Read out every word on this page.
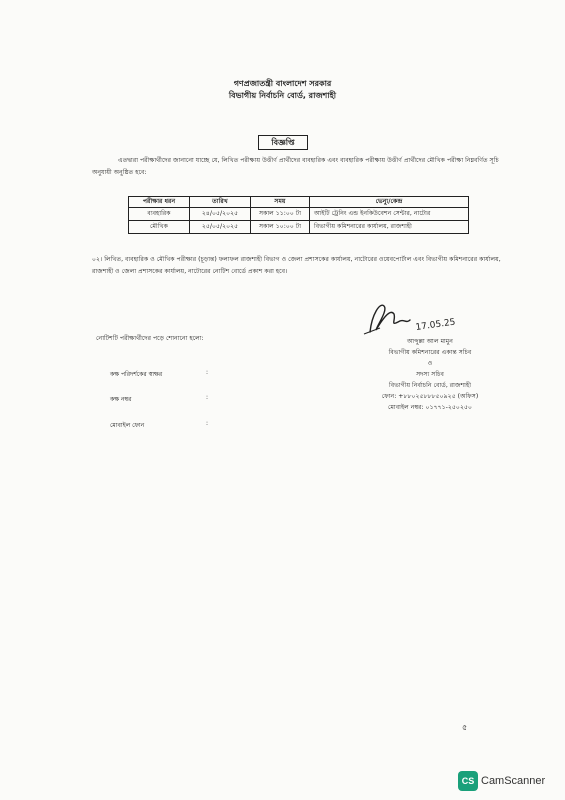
গণপ্রজাতন্ত্রী বাংলাদেশ সরকার
বিভাগীয় নির্বাচনি বোর্ড, রাজশাহী
বিজ্ঞপ্তি
এতদ্বারা পরীক্ষার্থীদের জানানো যাচ্ছে যে, লিখিত পরীক্ষায় উত্তীর্ণ প্রার্থীদের ব্যবহারিক এবং ব্যবহারিক পরীক্ষায় উত্তীর্ণ প্রার্থীদের মৌখিক পরীক্ষা নিম্নবর্ণিত সূচি অনুযায়ী অনুষ্ঠিত হবে:
পরীক্ষার ধরন	তারিখ	সময়	ভেন্যু/কেন্দ্র
ব্যবহারিক	২৪/০৫/২০২৫	সকাল ১১:০০ টা	আইটি ট্রেনিং এন্ড ইনকিউবেশন সেন্টার, নাটোর
মৌখিক	২৫/০৫/২০২৫	সকাল ১০:০০ টা	বিভাগীয় কমিশনারের কার্যালয়, রাজশাহী
০২। লিখিত, ব্যবহারিক ও মৌখিক পরীক্ষার (চূড়ান্ত) ফলাফল রাজশাহী বিভাগ ও জেলা প্রশাসকের কার্যালয়, নাটোরের ওয়েবপোর্টাল এবং বিভাগীয় কমিশনারের কার্যালয়, রাজশাহী ও জেলা প্রশাসকের কার্যালয়, নাটোরের নোটিশ বোর্ডে প্রকাশ করা হবে।
নোটিশটি পরীক্ষার্থীদের পড়ে শোনানো হলো:
কক্ষ পরিদর্শকের স্বাক্ষর	:
কক্ষ নম্বর	:
মোবাইল ফোন	:
17.05.25
আব্দুল্লা আল মামুন
বিভাগীয় কমিশনারের একান্ত সচিব
ও
সদস্য সচিব
বিভাগীয় নির্বাচনি বোর্ড, রাজশাহী
ফোন: +৮৮০২৫৮৮৮৫০৯২৫ (অফিস)
মোবাইল নম্বর: ০১৭৭১-২৫০২৫০
৫
CS CamScanner
